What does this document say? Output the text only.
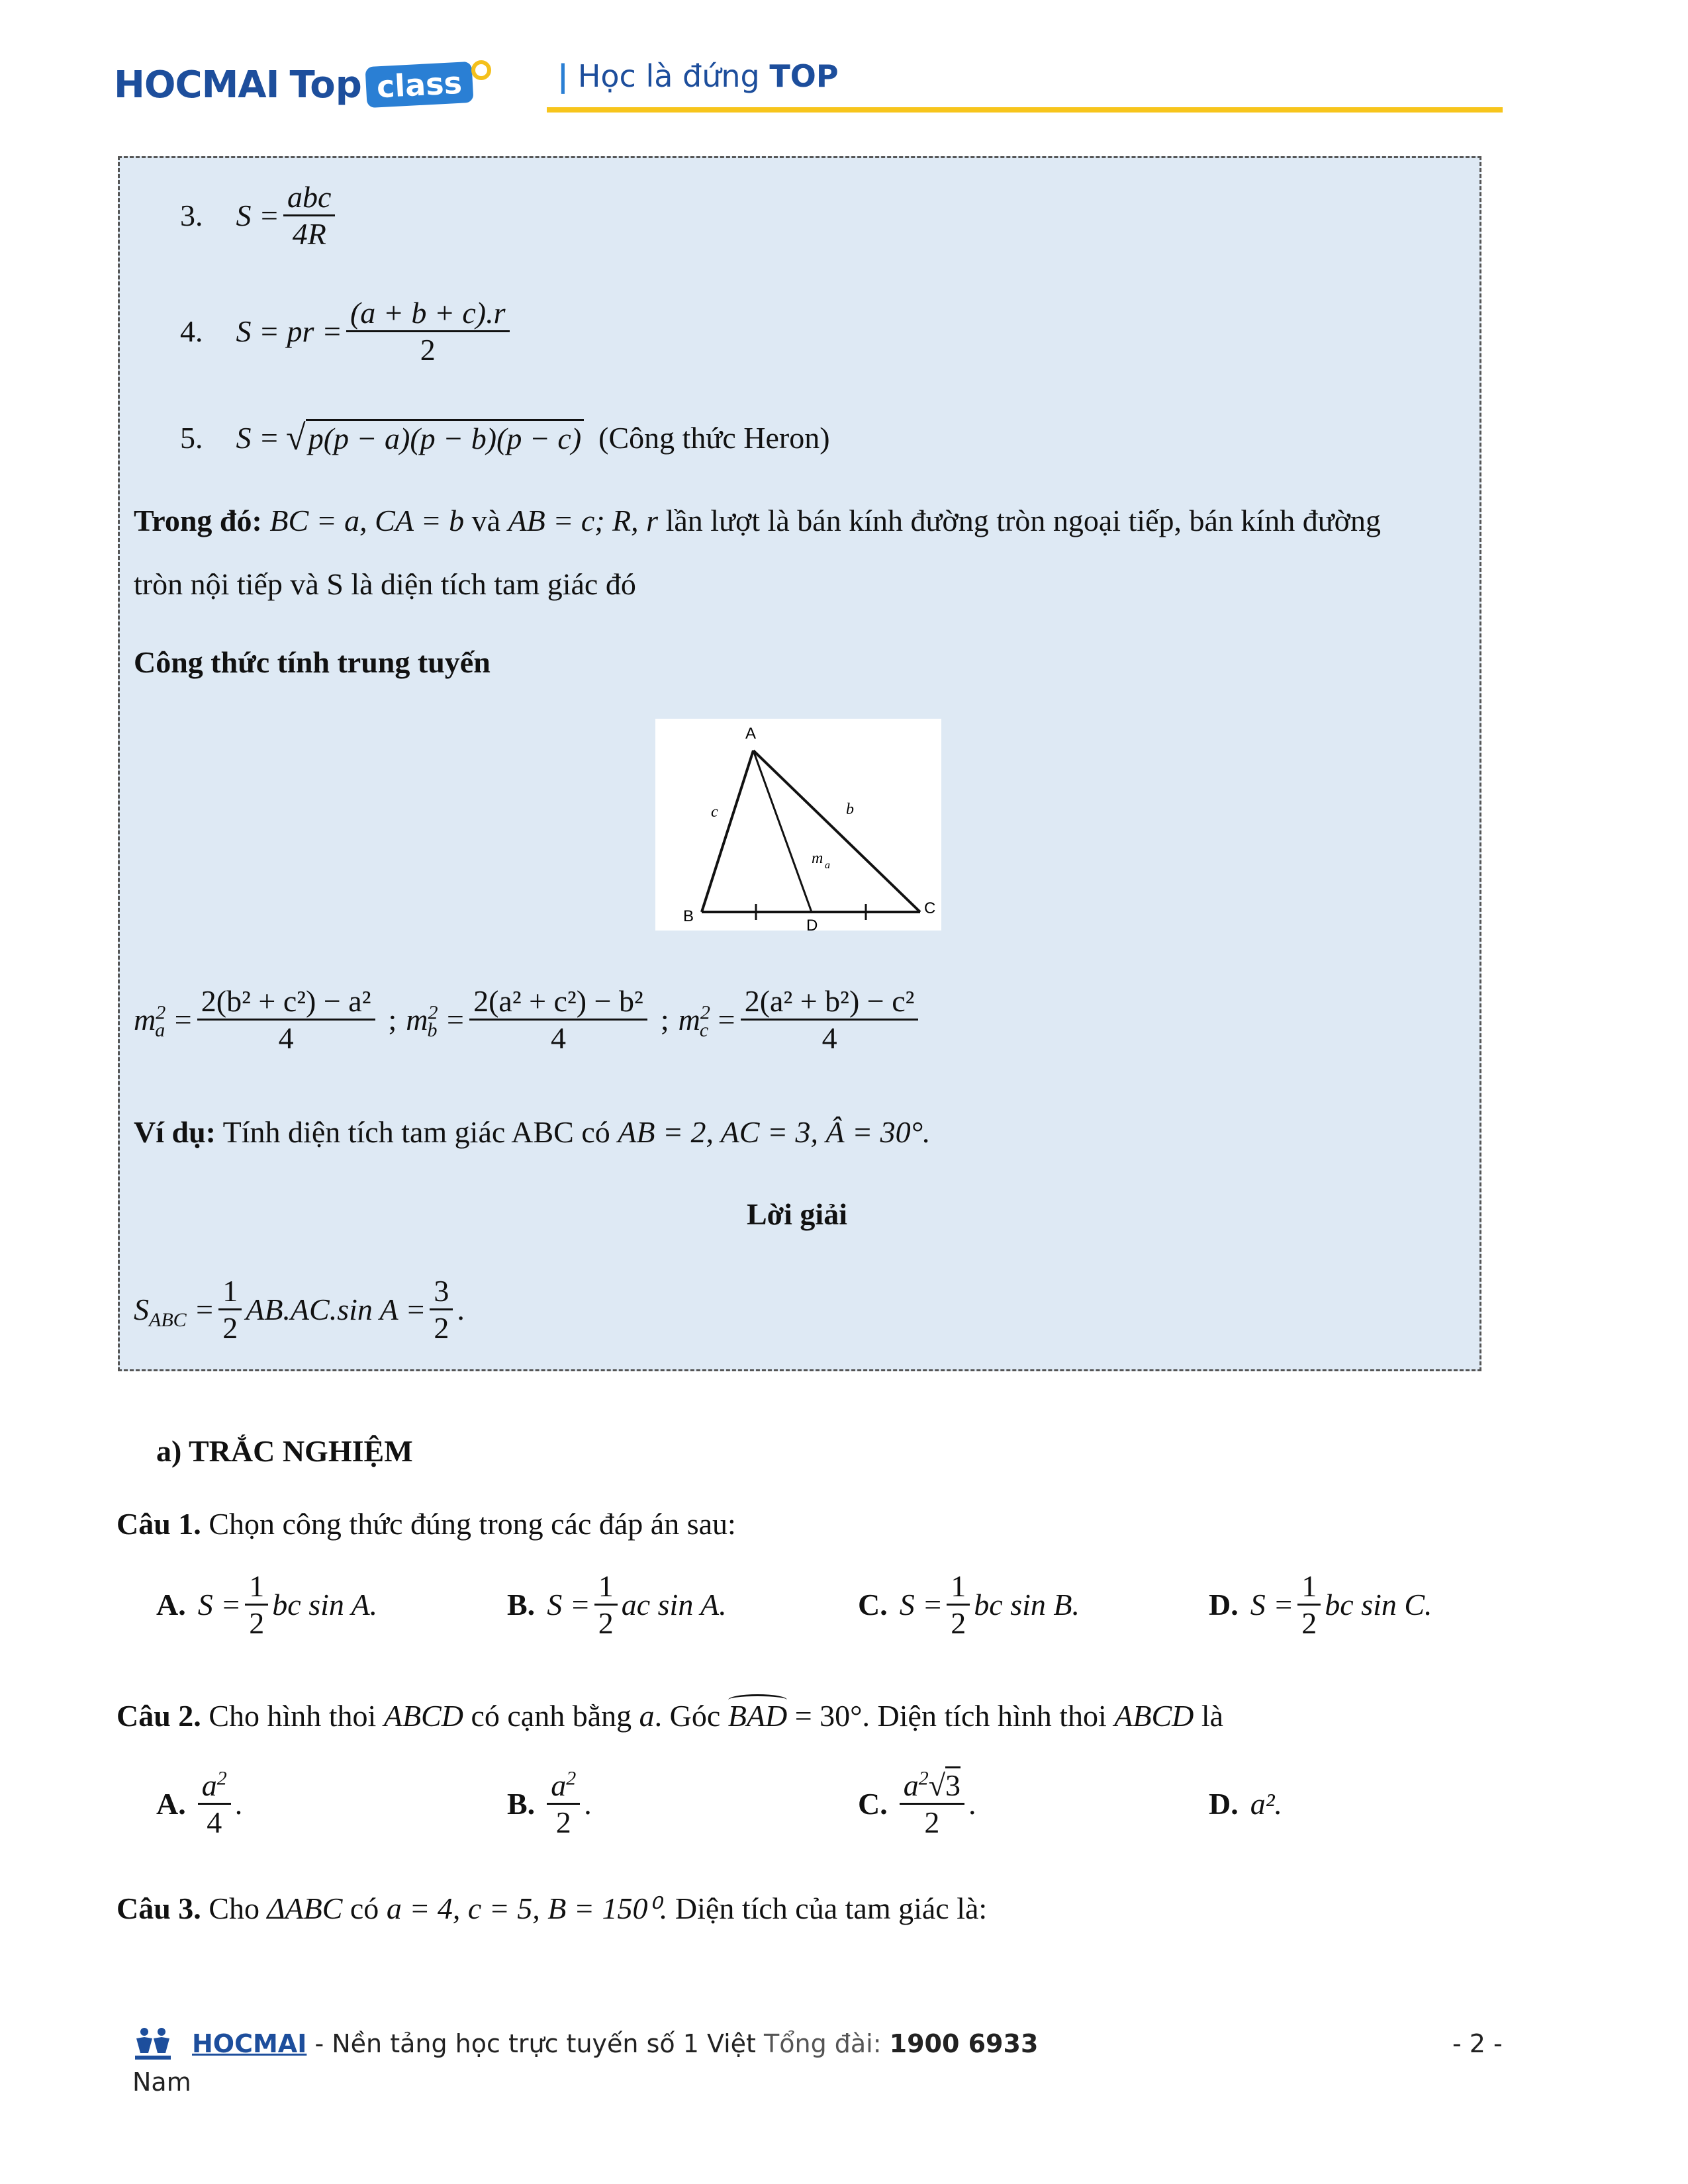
HOCMAI Top class	| Học là đứng TOP
3. $S = \frac{\text{abc}}{4R}$
4. S = pr = $\frac{(a + b + c).r}{2}$
5. S = √ p(p − a)(p − b)(p − c) (Công thức Heron)
Trong đó: BC = a, CA = b và AB = c; R, r lần lượt là bán kính đường tròn ngoại tiếp, bán kính đường
tròn nội tiếp và S là diện tích tam giác đó
Công thức tính trung tuyến
A
B	C
D
c	b
m a
$m^2_a = \frac{\text{2(b² + c²) − a²}}{4}$ ; $m^2_b = \frac{\text{2(a² + c²) − b²}}{4}$ ; $m^2_c = \frac{\text{2(a² + b²) − c²}}{4}$
Ví dụ: Tính diện tích tam giác ABC có AB = 2, AC = 3, Â = 30°.
Lời giải
$S_{ABC} = \frac{1}{2} AB.AC.\sin$ $A = \frac{3}{2}$ .
a) TRẮC NGHIỆM
Câu 1. Chọn công thức đúng trong các đáp án sau:
A. $S = \frac{1}{2}$ bc sin A.	B. $S = \frac{1}{2}$ ac sin A.	C. $S = \frac{1}{2}$ bc sin B.	D. $S = \frac{1}{2}$ bc sin C.
Câu 2. Cho hình thoi ABCD có cạnh bằng a. Góc
BAD = 30°. Diện tích hình thoi ABCD là
A. $\frac{a^2}{4}$ .	B. $\frac{a^2}{2}$ .	C. $\frac{a^2√3}{2}$ .	D. a².
Câu 3. Cho ΔABC có a = 4, c = 5, B = 150⁰. Diện tích của tam giác là:
HOCMAI - Nền tảng học trực tuyến số 1 Việt Tổng đài: 1900 6933
Nam
- 2 -
